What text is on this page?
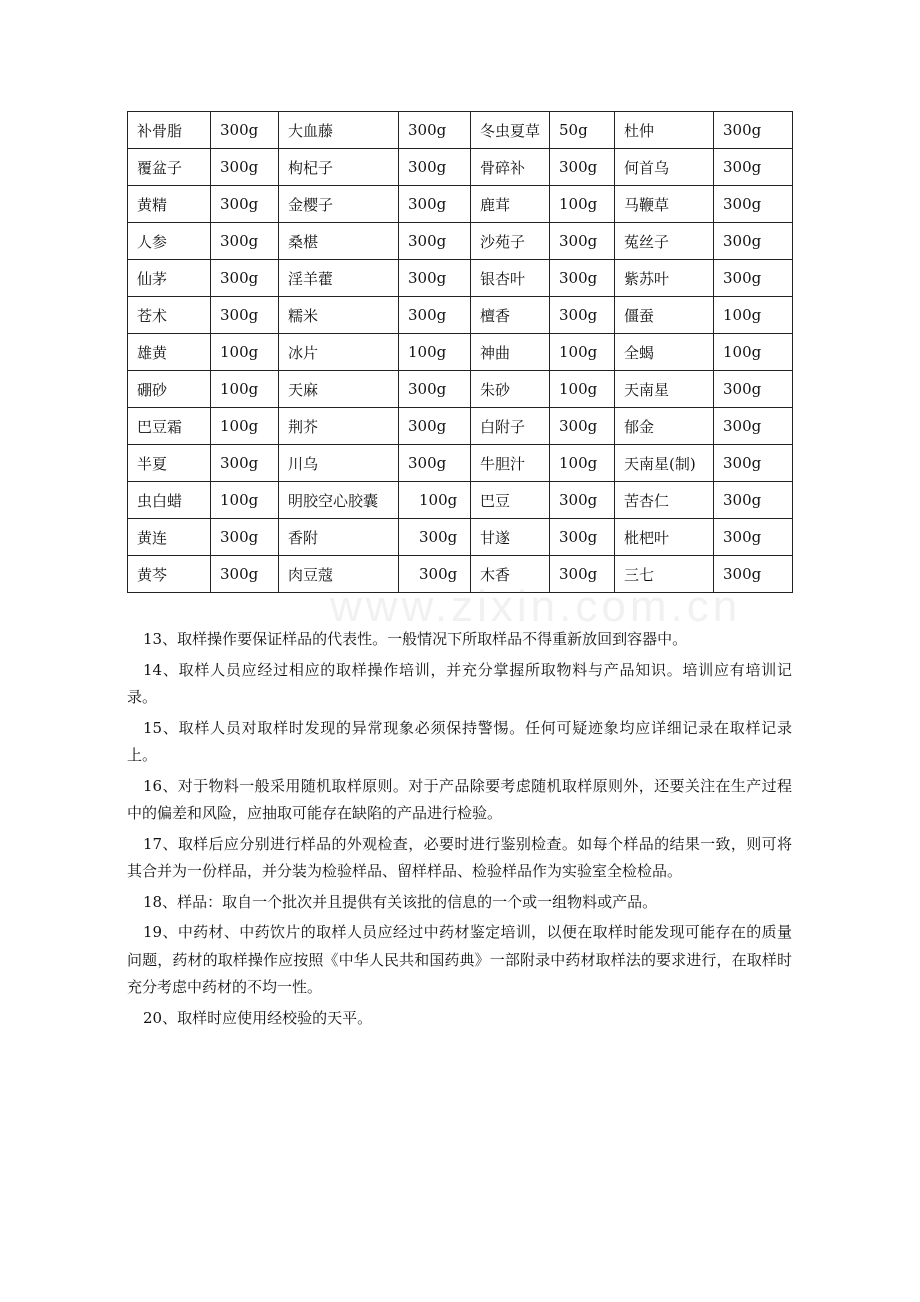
补骨脂	300g	大血藤	300g	冬虫夏草	50g	杜仲	300g
覆盆子	300g	枸杞子	300g	骨碎补	300g	何首乌	300g
黄精	300g	金樱子	300g	鹿茸	100g	马鞭草	300g
人参	300g	桑椹	300g	沙苑子	300g	菟丝子	300g
仙茅	300g	淫羊藿	300g	银杏叶	300g	紫苏叶	300g
苍术	300g	糯米	300g	檀香	300g	僵蚕	100g
雄黄	100g	冰片	100g	神曲	100g	全蝎	100g
硼砂	100g	天麻	300g	朱砂	100g	天南星	300g
巴豆霜	100g	荆芥	300g	白附子	300g	郁金	300g
半夏	300g	川乌	300g	牛胆汁	100g	天南星(制)	300g
虫白蜡	100g	明胶空心胶囊	100g	巴豆	300g	苦杏仁	300g
黄连	300g	香附	300g	甘遂	300g	枇杷叶	300g
黄芩	300g	肉豆蔻	300g	木香	300g	三七	300g
www.zixin.com.cn

13、取样操作要保证样品的代表性。一般情况下所取样品不得重新放回到容器中。

14、取样人员应经过相应的取样操作培训，并充分掌握所取物料与产品知识。培训应有培训记录。

15、取样人员对取样时发现的异常现象必须保持警惕。任何可疑迹象均应详细记录在取样记录上。

16、对于物料一般采用随机取样原则。对于产品除要考虑随机取样原则外，还要关注在生产过程中的偏差和风险，应抽取可能存在缺陷的产品进行检验。

17、取样后应分别进行样品的外观检查，必要时进行鉴别检查。如每个样品的结果一致，则可将其合并为一份样品，并分装为检验样品、留样样品、检验样品作为实验室全检检品。

18、样品：取自一个批次并且提供有关该批的信息的一个或一组物料或产品。

19、中药材、中药饮片的取样人员应经过中药材鉴定培训，以便在取样时能发现可能存在的质量问题，药材的取样操作应按照《中华人民共和国药典》一部附录中药材取样法的要求进行，在取样时充分考虑中药材的不均一性。

20、取样时应使用经校验的天平。
